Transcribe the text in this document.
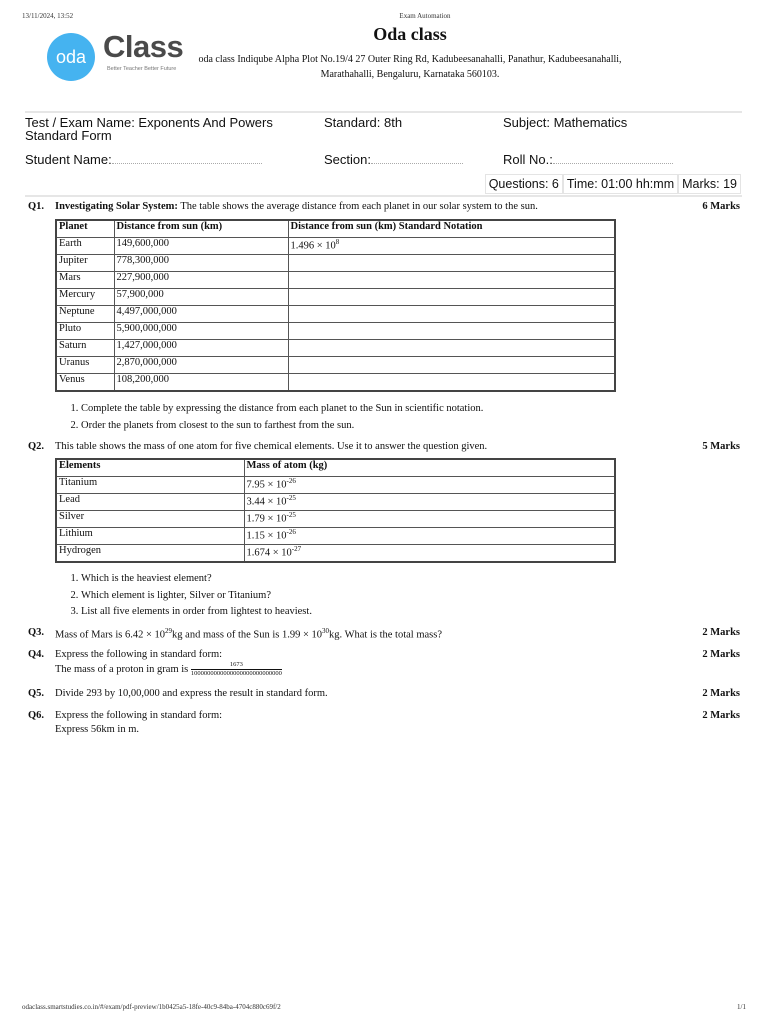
13/11/2024, 13:52	Exam Automation
oda Class
Better Teacher Better Future
Oda class
oda class Indiqube Alpha Plot No.19/4 27 Outer Ring Rd, Kadubeesanahalli, Panathur, Kadubeesanahalli,
Marathahalli, Bengaluru, Karnataka 560103.
Test / Exam Name: Exponents And Powers
Standard Form
Standard: 8th	Subject: Mathematics
Student Name:	Section:	Roll No.:
Questions: 6 Time: 01:00 hh:mm Marks: 19
Q1.	Investigating Solar System: The table shows the average distance from each planet in our solar system to the sun.	6 Marks
Planet	Distance from sun (km)	Distance from sun (km) Standard Notation
Earth	149,600,000	$1.496 \times 10^8$
Jupiter	778,300,000	
Mars	227,900,000	
Mercury	57,900,000	
Neptune	4,497,000,000	
Pluto	5,900,000,000	
Saturn	1,427,000,000	
Uranus	2,870,000,000	
Venus	108,200,000	
1. Complete the table by expressing the distance from each planet to the Sun in scientific notation.
2. Order the planets from closest to the sun to farthest from the sun.
Q2.	This table shows the mass of one atom for five chemical elements. Use it to answer the question given.	5 Marks
Elements	Mass of atom (kg)
Titanium	$7.95 \times 10^{-26}$
Lead	$3.44 \times 10^{-25}$
Silver	$1.79 \times 10^{-25}$
Lithium	$1.15 \times 10^{-26}$
Hydrogen	$1.674 \times 10^{-27}$
1. Which is the heaviest element?
2. Which element is lighter, Silver or Titanium?
3. List all five elements in order from lightest to heaviest.
Q3.	Mass of Mars is $6.42 \times 10^{29}kg$ and mass of the Sun is $1.99 \times 10^{30}kg$. What is the total mass?	2 Marks
Q4.	Express the following in standard form:
The mass of a proton in gram is $\frac{1673}{1000000000000000000000000000}$
2 Marks
Q5.	Divide 293 by 10,00,000 and express the result in standard form.	2 Marks
Q6.	Express the following in standard form:
Express 56km in m.
2 Marks
odaclass.smartstudies.co.in/#/exam/pdf-preview/1b0425a5-18fe-40c9-84ba-4704c880c69f/2	1/1
